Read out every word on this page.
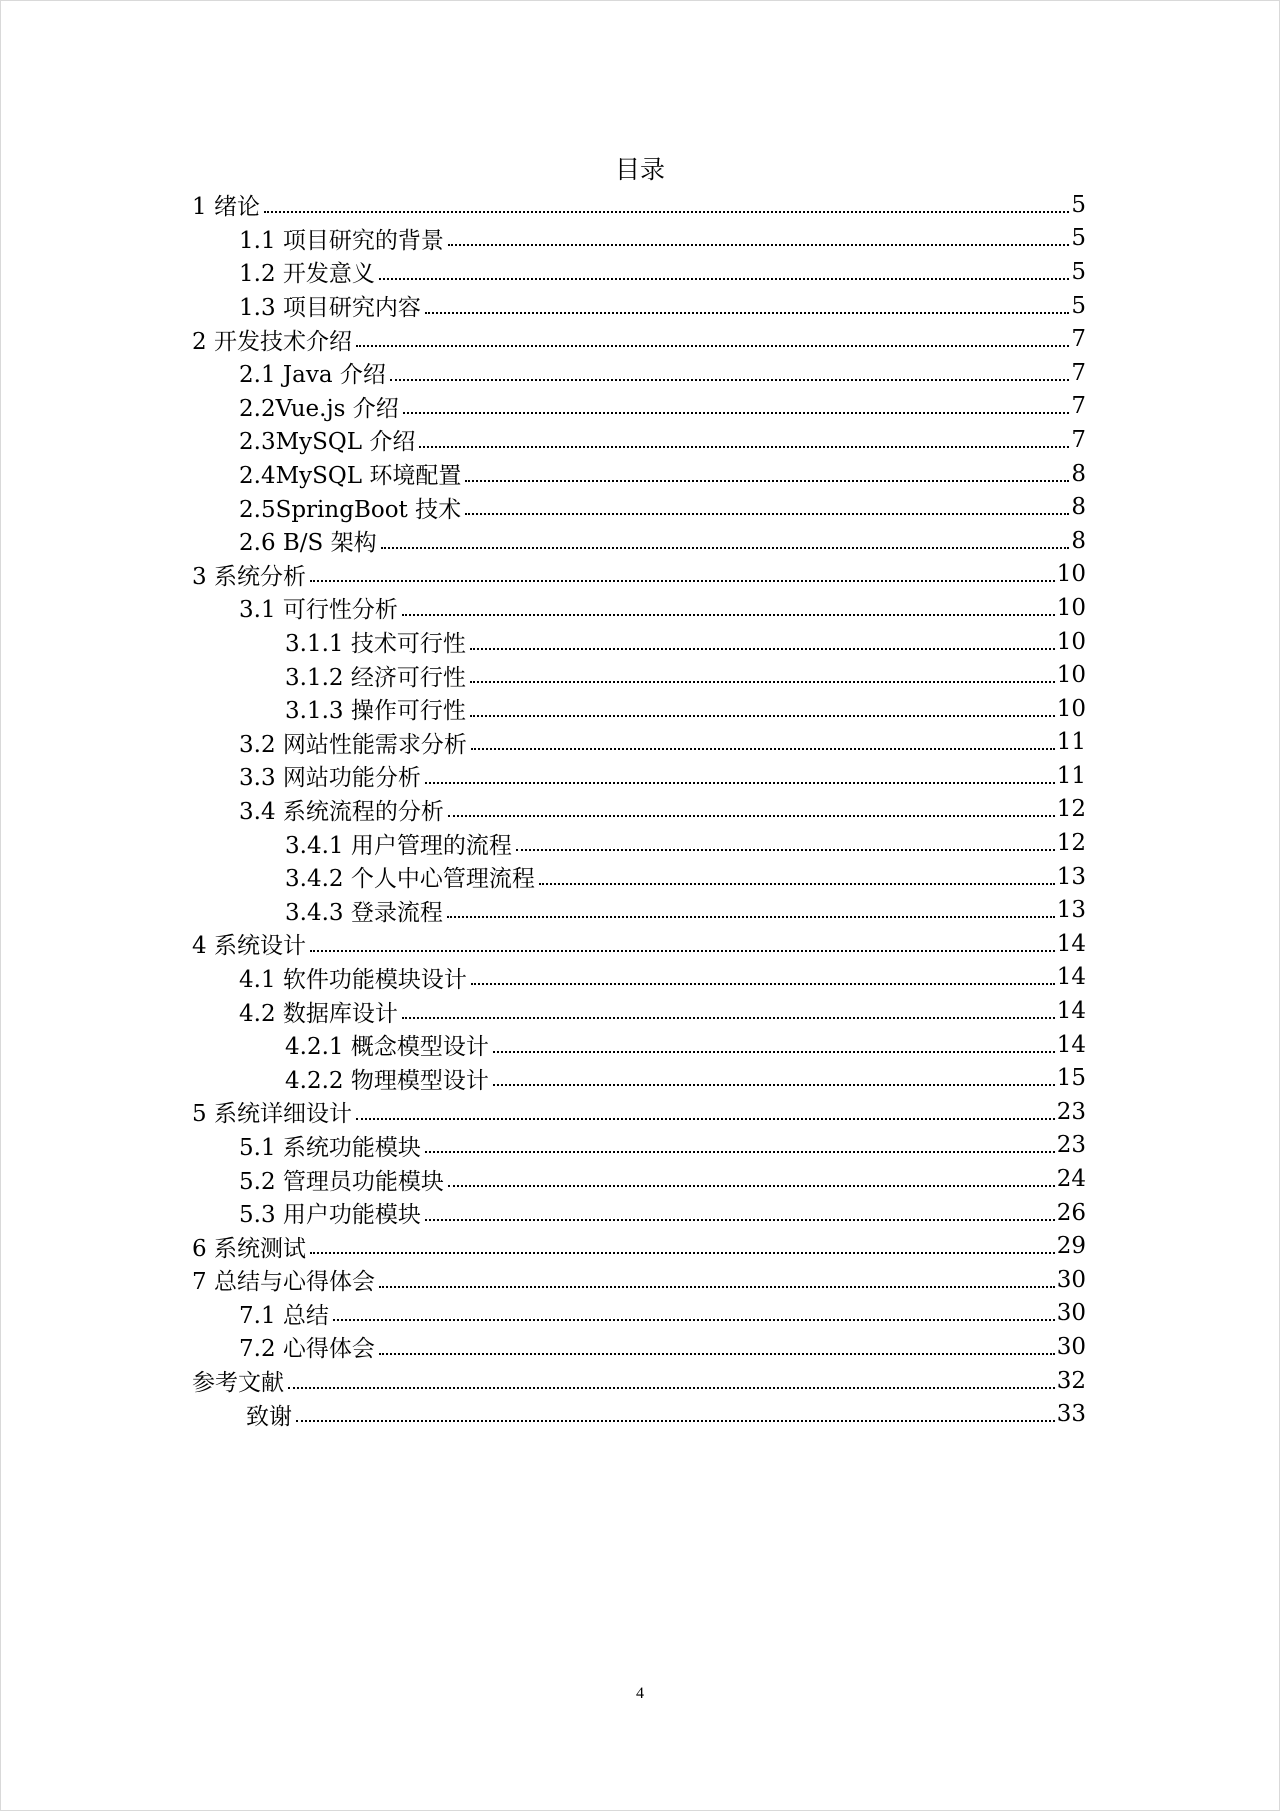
目录
1 绪论	5
1.1 项目研究的背景	5
1.2 开发意义	5
1.3 项目研究内容	5
2 开发技术介绍	7
2.1 Java 介绍	7
2.2Vue.js 介绍	7
2.3MySQL 介绍	7
2.4MySQL 环境配置	8
2.5SpringBoot 技术	8
2.6 B/S 架构	8
3 系统分析	10
3.1 可行性分析	10
3.1.1 技术可行性	10
3.1.2 经济可行性	10
3.1.3 操作可行性	10
3.2 网站性能需求分析	11
3.3 网站功能分析	11
3.4 系统流程的分析	12
3.4.1 用户管理的流程	12
3.4.2 个人中心管理流程	13
3.4.3 登录流程	13
4 系统设计	14
4.1 软件功能模块设计	14
4.2 数据库设计	14
4.2.1 概念模型设计	14
4.2.2 物理模型设计	15
5 系统详细设计	23
5.1 系统功能模块	23
5.2 管理员功能模块	24
5.3 用户功能模块	26
6 系统测试	29
7 总结与心得体会	30
7.1 总结	30
7.2 心得体会	30
参考文献	32
致谢	33
4
